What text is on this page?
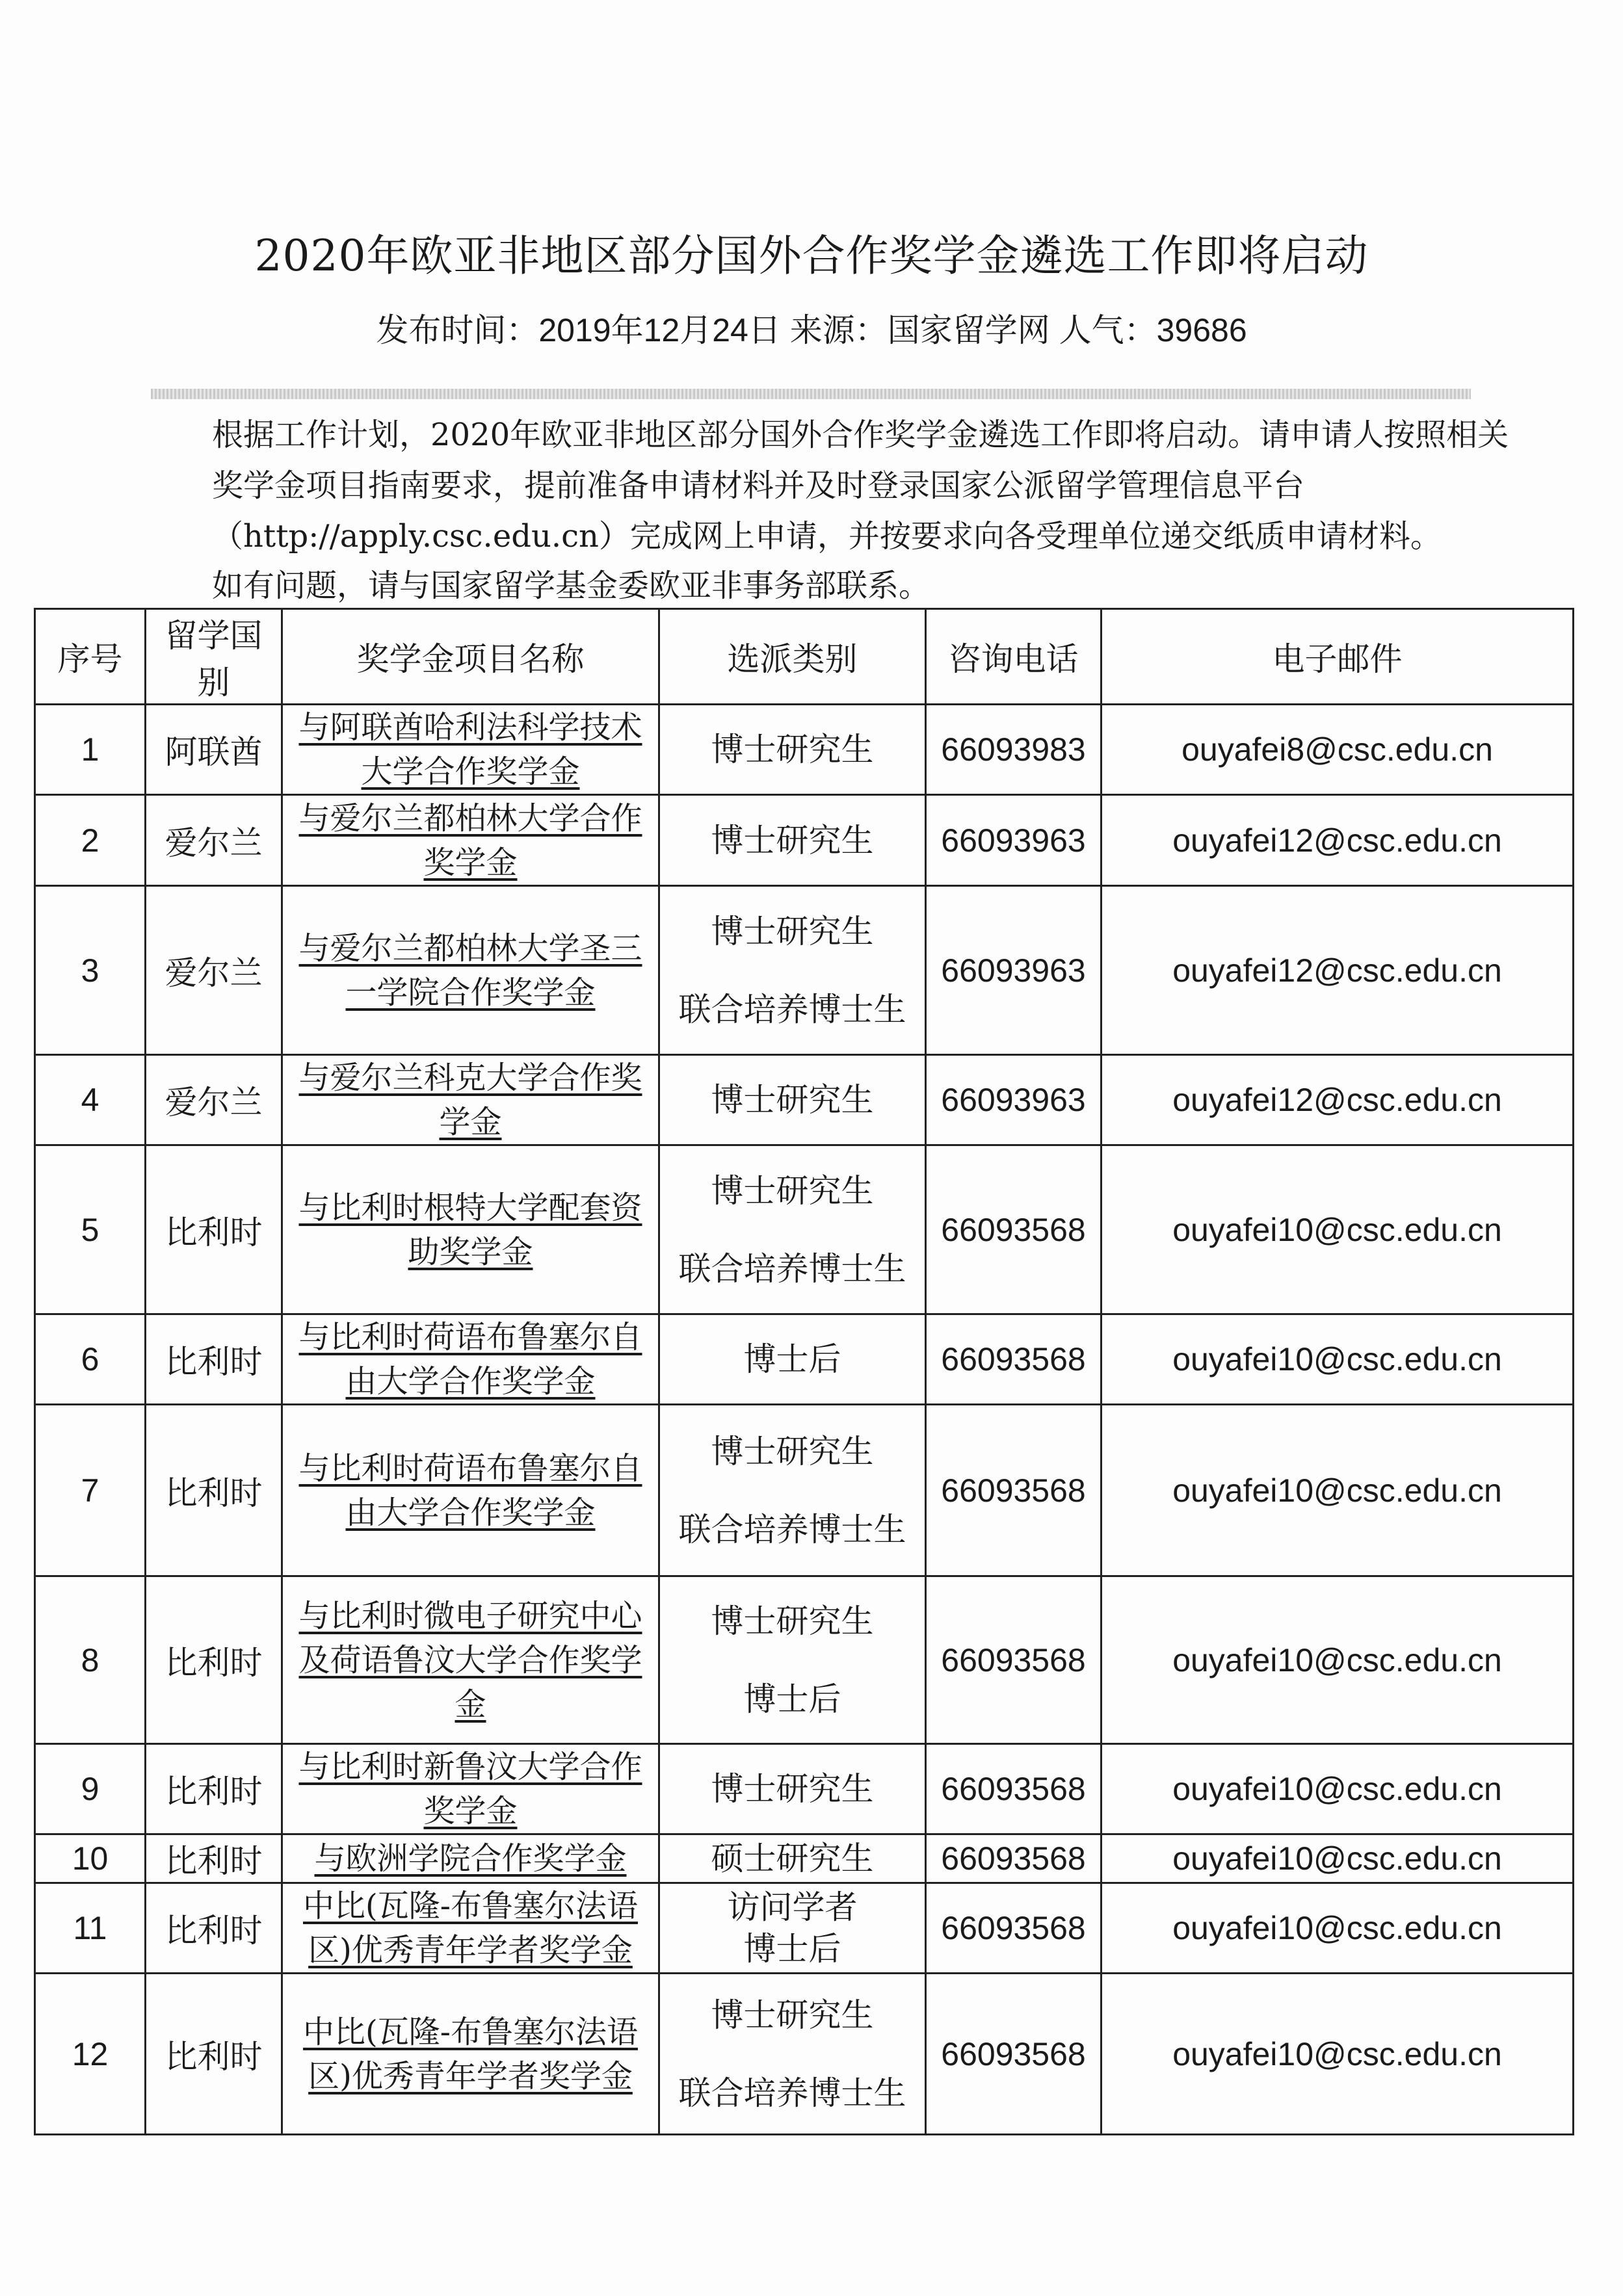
2020年欧亚非地区部分国外合作奖学金遴选工作即将启动
发布时间：2019年12月24日 来源：国家留学网 人气：39686
根据工作计划，2020年欧亚非地区部分国外合作奖学金遴选工作即将启动。请申请人按照相关奖学金项目指南要求，提前准备申请材料并及时登录国家公派留学管理信息平台（http://apply.csc.edu.cn）完成网上申请，并按要求向各受理单位递交纸质申请材料。
如有问题，请与国家留学基金委欧亚非事务部联系。
序号	留学国别	奖学金项目名称	选派类别	咨询电话	电子邮件
1	阿联酋	与阿联酋哈利法科学技术大学合作奖学金	博士研究生	66093983	ouyafei8@csc.edu.cn
2	爱尔兰	与爱尔兰都柏林大学合作奖学金	博士研究生	66093963	ouyafei12@csc.edu.cn
3	爱尔兰	与爱尔兰都柏林大学圣三一学院合作奖学金	博士研究生
联合培养博士生	66093963	ouyafei12@csc.edu.cn
4	爱尔兰	与爱尔兰科克大学合作奖学金	博士研究生	66093963	ouyafei12@csc.edu.cn
5	比利时	与比利时根特大学配套资助奖学金	博士研究生
联合培养博士生	66093568	ouyafei10@csc.edu.cn
6	比利时	与比利时荷语布鲁塞尔自由大学合作奖学金	博士后	66093568	ouyafei10@csc.edu.cn
7	比利时	与比利时荷语布鲁塞尔自由大学合作奖学金	博士研究生
联合培养博士生	66093568	ouyafei10@csc.edu.cn
8	比利时	与比利时微电子研究中心及荷语鲁汶大学合作奖学金	博士研究生
博士后	66093568	ouyafei10@csc.edu.cn
9	比利时	与比利时新鲁汶大学合作奖学金	博士研究生	66093568	ouyafei10@csc.edu.cn
10	比利时	与欧洲学院合作奖学金	硕士研究生	66093568	ouyafei10@csc.edu.cn
11	比利时	中比(瓦隆-布鲁塞尔法语区)优秀青年学者奖学金	访问学者
博士后	66093568	ouyafei10@csc.edu.cn
12	比利时	中比(瓦隆-布鲁塞尔法语区)优秀青年学者奖学金	博士研究生
联合培养博士生	66093568	ouyafei10@csc.edu.cn
